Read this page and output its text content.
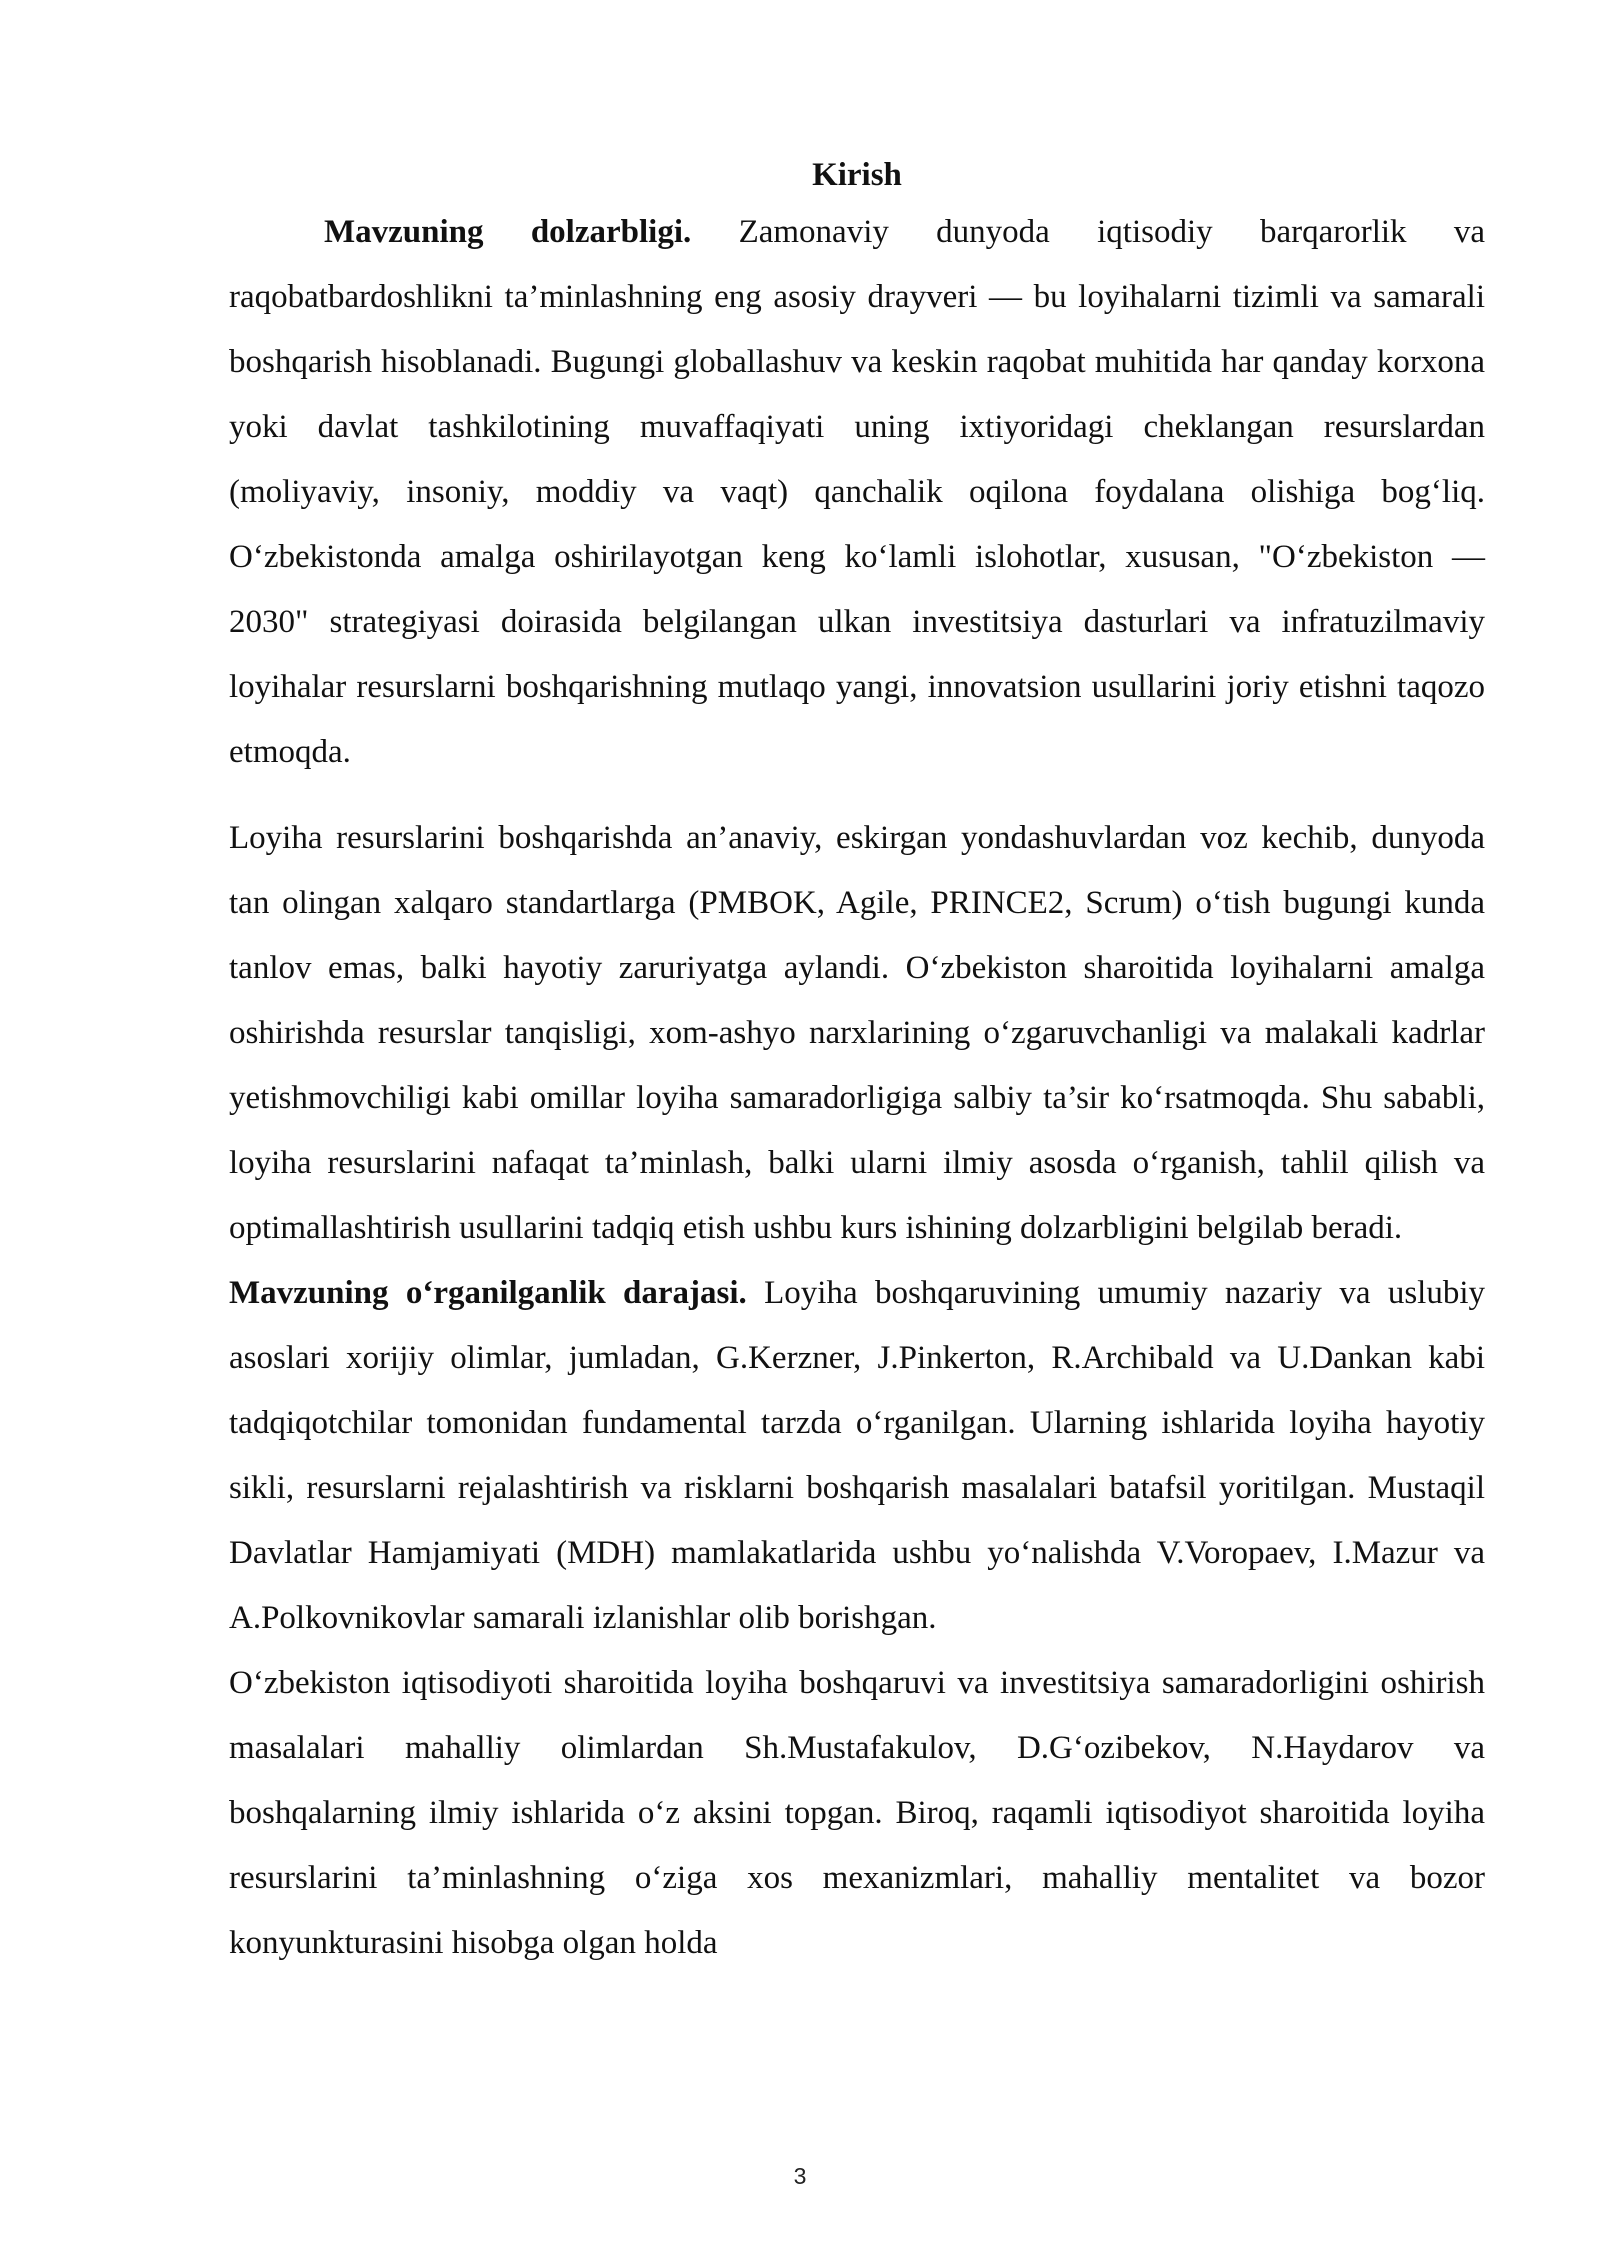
Kirish

Mavzuning dolzarbligi. Zamonaviy dunyoda iqtisodiy barqarorlik va raqobatbardoshlikni ta’minlashning eng asosiy drayveri — bu loyihalarni tizimli va samarali boshqarish hisoblanadi. Bugungi globallashuv va keskin raqobat muhitida har qanday korxona yoki davlat tashkilotining muvaffaqiyati uning ixtiyoridagi cheklangan resurslardan (moliyaviy, insoniy, moddiy va vaqt) qanchalik oqilona foydalana olishiga bog‘liq. O‘zbekistonda amalga oshirilayotgan keng ko‘lamli islohotlar, xususan, "O‘zbekiston — 2030" strategiyasi doirasida belgilangan ulkan investitsiya dasturlari va infratuzilmaviy loyihalar resurslarni boshqarishning mutlaqo yangi, innovatsion usullarini joriy etishni taqozo etmoqda.

Loyiha resurslarini boshqarishda an’anaviy, eskirgan yondashuvlardan voz kechib, dunyoda tan olingan xalqaro standartlarga (PMBOK, Agile, PRINCE2, Scrum) o‘tish bugungi kunda tanlov emas, balki hayotiy zaruriyatga aylandi. O‘zbekiston sharoitida loyihalarni amalga oshirishda resurslar tanqisligi, xom-ashyo narxlarining o‘zgaruvchanligi va malakali kadrlar yetishmovchiligi kabi omillar loyiha samaradorligiga salbiy ta’sir ko‘rsatmoqda. Shu sababli, loyiha resurslarini nafaqat ta’minlash, balki ularni ilmiy asosda o‘rganish, tahlil qilish va optimallashtirish usullarini tadqiq etish ushbu kurs ishining dolzarbligini belgilab beradi.

Mavzuning o‘rganilganlik darajasi. Loyiha boshqaruvining umumiy nazariy va uslubiy asoslari xorijiy olimlar, jumladan, G.Kerzner, J.Pinkerton, R.Archibald va U.Dankan kabi tadqiqotchilar tomonidan fundamental tarzda o‘rganilgan. Ularning ishlarida loyiha hayotiy sikli, resurslarni rejalashtirish va risklarni boshqarish masalalari batafsil yoritilgan. Mustaqil Davlatlar Hamjamiyati (MDH) mamlakatlarida ushbu yo‘nalishda V.Voropaev, I.Mazur va A.Polkovnikovlar samarali izlanishlar olib borishgan.

O‘zbekiston iqtisodiyoti sharoitida loyiha boshqaruvi va investitsiya samaradorligini oshirish masalalari mahalliy olimlardan Sh.Mustafakulov, D.G‘ozibekov, N.Haydarov va boshqalarning ilmiy ishlarida o‘z aksini topgan. Biroq, raqamli iqtisodiyot sharoitida loyiha resurslarini ta’minlashning o‘ziga xos mexanizmlari, mahalliy mentalitet va bozor konyunkturasini hisobga olgan holda

3
